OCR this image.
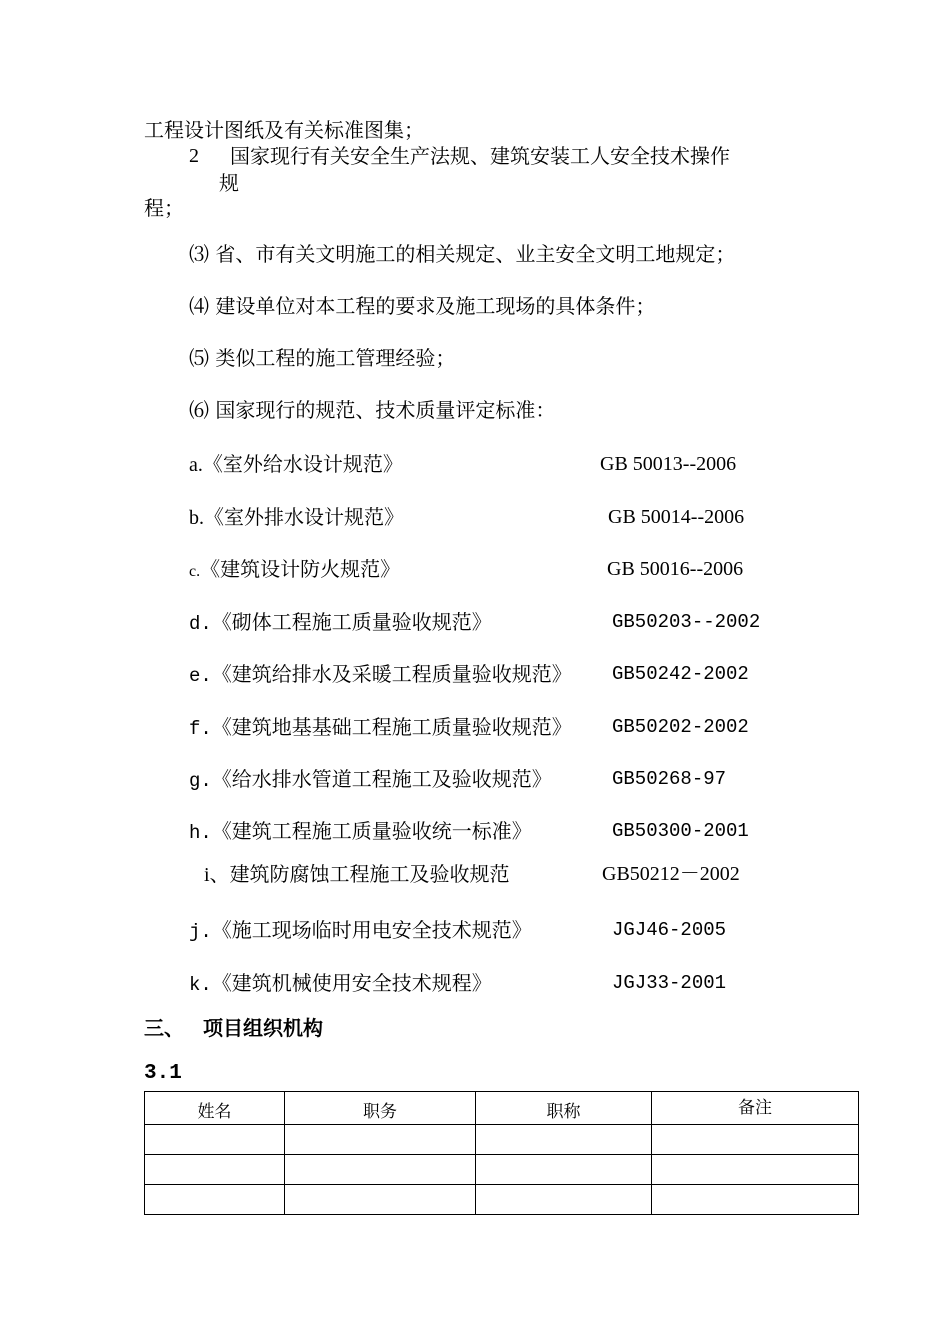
工程设计图纸及有关标准图集；
2 国家现行有关安全生产法规、建筑安装工人安全技术操作
规
程；
⑶ 省、市有关文明施工的相关规定、业主安全文明工地规定；
⑷ 建设单位对本工程的要求及施工现场的具体条件；
⑸ 类似工程的施工管理经验；
⑹ 国家现行的规范、技术质量评定标准：
a.《室外给水设计规范》	GB 50013--2006
b.《室外排水设计规范》	GB 50014--2006
c.《建筑设计防火规范》	GB 50016--2006
d.《砌体工程施工质量验收规范》	GB50203--2002
e.《建筑给排水及采暖工程质量验收规范》 GB50242-2002
f.《建筑地基基础工程施工质量验收规范》 GB50202-2002
g.《给水排水管道工程施工及验收规范》	GB50268-97
h.《建筑工程施工质量验收统一标准》	GB50300-2001
i、建筑防腐蚀工程施工及验收规范	GB50212－2002
j.《施工现场临时用电安全技术规范》	JGJ46-2005
k.《建筑机械使用安全技术规程》	JGJ33-2001
三、 项目组织机构
3.1
姓名	职务	职称	备注
